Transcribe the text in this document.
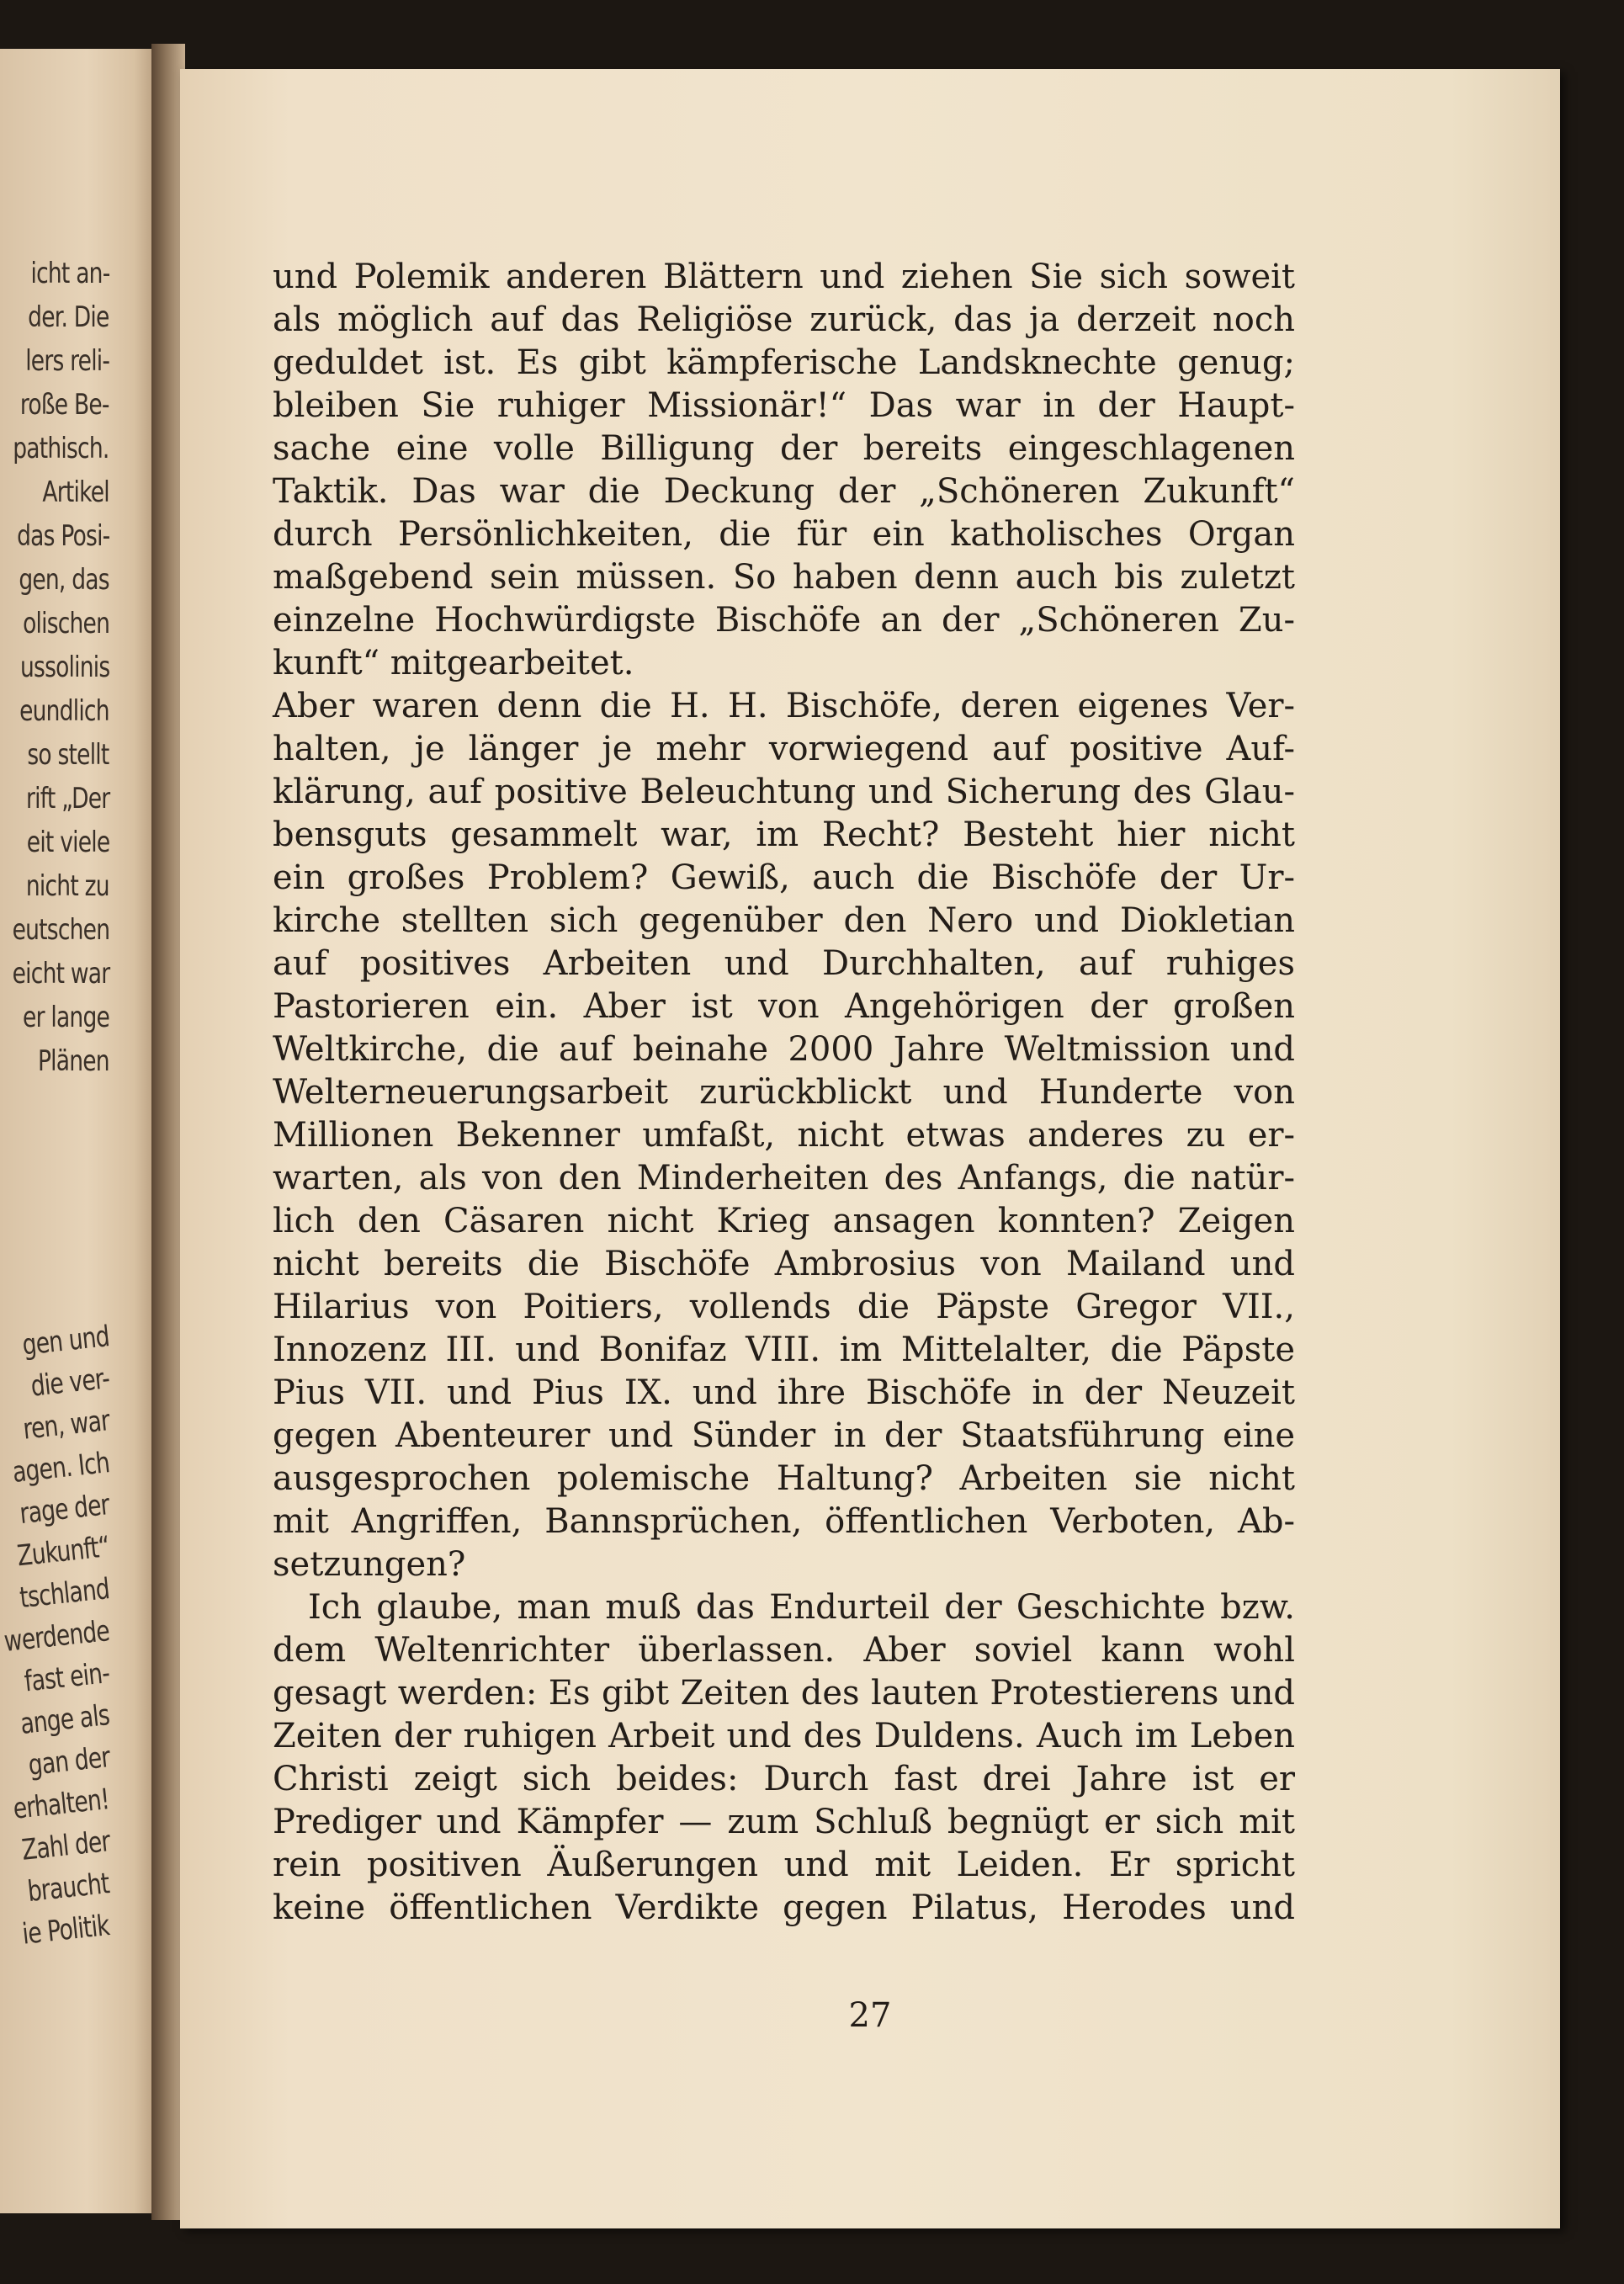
icht an-
der. Die
lers reli-
roße Be-
pathisch.
Artikel
das Posi-
gen, das
olischen
ussolinis
eundlich
so stellt
rift „Der
eit viele
nicht zu
eutschen
eicht war
er lange
Plänen
gen und
die ver-
ren, war
agen. Ich
rage der
Zukunft“
tschland
werdende
fast ein-
ange als
gan der
erhalten!
Zahl der
braucht
ie Politik
und Polemik anderen Blättern und ziehen Sie sich soweit
als möglich auf das Religiöse zurück, das ja derzeit noch
geduldet ist. Es gibt kämpferische Landsknechte genug;
bleiben Sie ruhiger Missionär!“ Das war in der Haupt-
sache eine volle Billigung der bereits eingeschlagenen
Taktik. Das war die Deckung der „Schöneren Zukunft“
durch Persönlichkeiten, die für ein katholisches Organ
maßgebend sein müssen. So haben denn auch bis zuletzt
einzelne Hochwürdigste Bischöfe an der „Schöneren Zu-
kunft“ mitgearbeitet.
Aber waren denn die H. H. Bischöfe, deren eigenes Ver-
halten, je länger je mehr vorwiegend auf positive Auf-
klärung, auf positive Beleuchtung und Sicherung des Glau-
bensguts gesammelt war, im Recht? Besteht hier nicht
ein großes Problem? Gewiß, auch die Bischöfe der Ur-
kirche stellten sich gegenüber den Nero und Diokletian
auf positives Arbeiten und Durchhalten, auf ruhiges
Pastorieren ein. Aber ist von Angehörigen der großen
Weltkirche, die auf beinahe 2000 Jahre Weltmission und
Welterneuerungsarbeit zurückblickt und Hunderte von
Millionen Bekenner umfaßt, nicht etwas anderes zu er-
warten, als von den Minderheiten des Anfangs, die natür-
lich den Cäsaren nicht Krieg ansagen konnten? Zeigen
nicht bereits die Bischöfe Ambrosius von Mailand und
Hilarius von Poitiers, vollends die Päpste Gregor VII.,
Innozenz III. und Bonifaz VIII. im Mittelalter, die Päpste
Pius VII. und Pius IX. und ihre Bischöfe in der Neuzeit
gegen Abenteurer und Sünder in der Staatsführung eine
ausgesprochen polemische Haltung? Arbeiten sie nicht
mit Angriffen, Bannsprüchen, öffentlichen Verboten, Ab-
setzungen?
Ich glaube, man muß das Endurteil der Geschichte bzw.
dem Weltenrichter überlassen. Aber soviel kann wohl
gesagt werden: Es gibt Zeiten des lauten Protestierens und
Zeiten der ruhigen Arbeit und des Duldens. Auch im Leben
Christi zeigt sich beides: Durch fast drei Jahre ist er
Prediger und Kämpfer — zum Schluß begnügt er sich mit
rein positiven Äußerungen und mit Leiden. Er spricht
keine öffentlichen Verdikte gegen Pilatus, Herodes und
27
